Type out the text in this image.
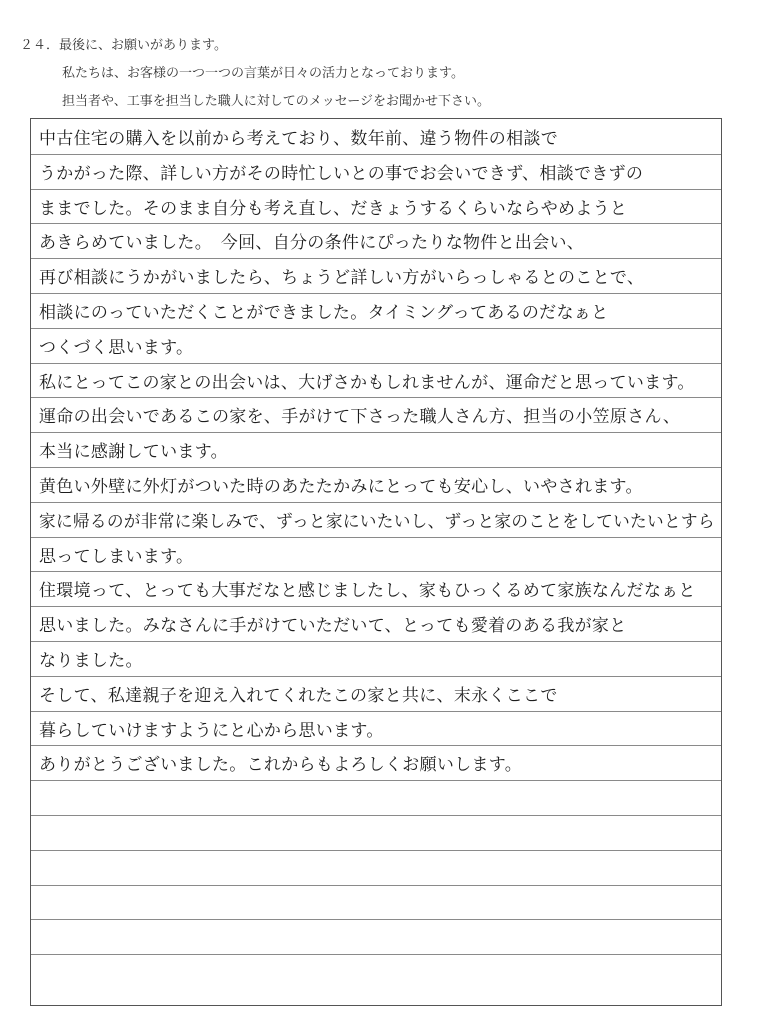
２４．最後に、お願いがあります。
私たちは、お客様の一つ一つの言葉が日々の活力となっております。
担当者や、工事を担当した職人に対してのメッセージをお聞かせ下さい。
中古住宅の購入を以前から考えており、数年前、違う物件の相談で
うかがった際、詳しい方がその時忙しいとの事でお会いできず、相談できずの
ままでした。そのまま自分も考え直し、だきょうするくらいならやめようと
あきらめていました。　今回、自分の条件にぴったりな物件と出会い、
再び相談にうかがいましたら、ちょうど詳しい方がいらっしゃるとのことで、
相談にのっていただくことができました。タイミングってあるのだなぁと
つくづく思います。
私にとってこの家との出会いは、大げさかもしれませんが、運命だと思っています。
運命の出会いであるこの家を、手がけて下さった職人さん方、担当の小笠原さん、
本当に感謝しています。
黄色い外壁に外灯がついた時のあたたかみにとっても安心し、いやされます。
家に帰るのが非常に楽しみで、ずっと家にいたいし、ずっと家のことをしていたいとすら
思ってしまいます。
住環境って、とっても大事だなと感じましたし、家もひっくるめて家族なんだなぁと
思いました。みなさんに手がけていただいて、とっても愛着のある我が家と
なりました。
そして、私達親子を迎え入れてくれたこの家と共に、末永くここで
暮らしていけますようにと心から思います。
ありがとうございました。これからもよろしくお願いします。
